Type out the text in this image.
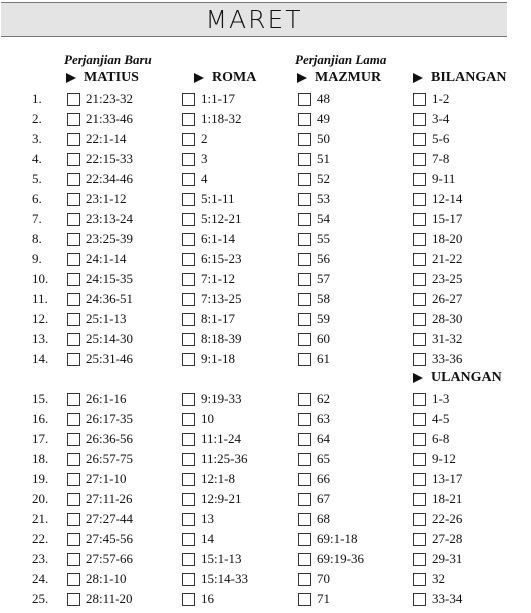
MARET
Perjanjian Baru	Perjanjian Lama
MATIUS	ROMA	MAZMUR	BILANGAN
ULANGAN
1.	21:23-32	1:1-17	48	1-2
2.	21:33-46	1:18-32	49	3-4
3.	22:1-14	2	50	5-6
4.	22:15-33	3	51	7-8
5.	22:34-46	4	52	9-11
6.	23:1-12	5:1-11	53	12-14
7.	23:13-24	5:12-21	54	15-17
8.	23:25-39	6:1-14	55	18-20
9.	24:1-14	6:15-23	56	21-22
10.	24:15-35	7:1-12	57	23-25
11.	24:36-51	7:13-25	58	26-27
12.	25:1-13	8:1-17	59	28-30
13.	25:14-30	8:18-39	60	31-32
14.	25:31-46	9:1-18	61	33-36
15.	26:1-16	9:19-33	62	1-3
16.	26:17-35	10	63	4-5
17.	26:36-56	11:1-24	64	6-8
18.	26:57-75	11:25-36	65	9-12
19.	27:1-10	12:1-8	66	13-17
20.	27:11-26	12:9-21	67	18-21
21.	27:27-44	13	68	22-26
22.	27:45-56	14	69:1-18	27-28
23.	27:57-66	15:1-13	69:19-36	29-31
24.	28:1-10	15:14-33	70	32
25.	28:11-20	16	71	33-34
